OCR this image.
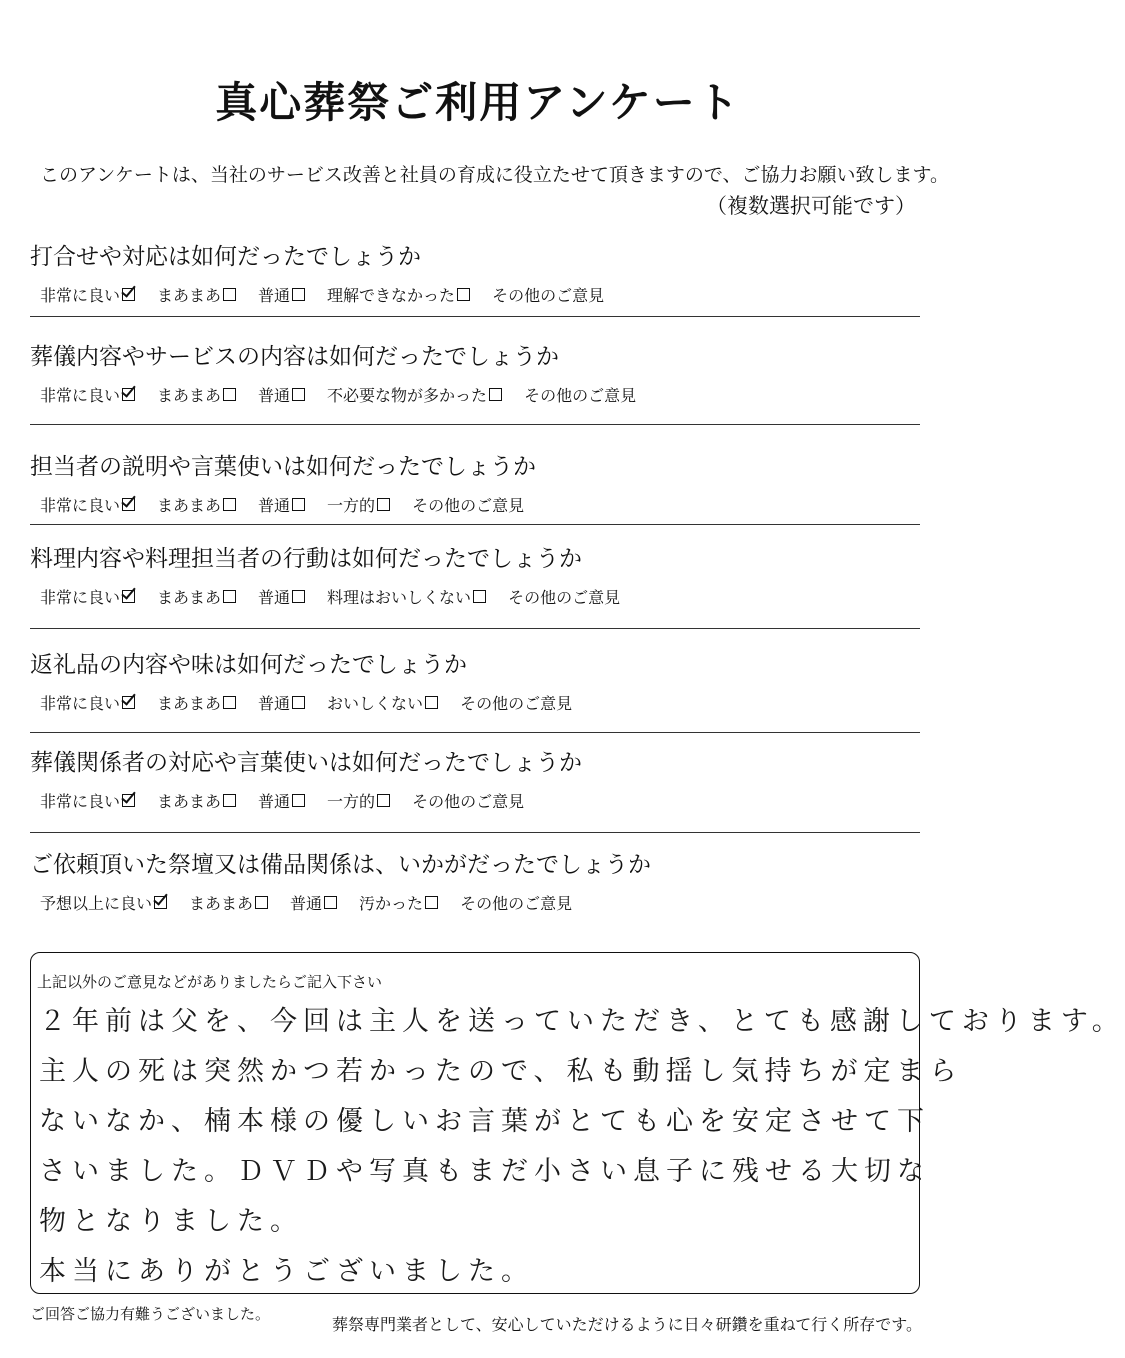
真心葬祭ご利用アンケート
このアンケートは、当社のサービス改善と社員の育成に役立たせて頂きますので、ご協力お願い致します。
（複数選択可能です）
打合せや対応は如何だったでしょうか
非常に良い まあまあ 普通 理解できなかった その他のご意見
葬儀内容やサービスの内容は如何だったでしょうか
非常に良い まあまあ 普通 不必要な物が多かった その他のご意見
担当者の説明や言葉使いは如何だったでしょうか
非常に良い まあまあ 普通 一方的 その他のご意見
料理内容や料理担当者の行動は如何だったでしょうか
非常に良い まあまあ 普通 料理はおいしくない その他のご意見
返礼品の内容や味は如何だったでしょうか
非常に良い まあまあ 普通 おいしくない その他のご意見
葬儀関係者の対応や言葉使いは如何だったでしょうか
非常に良い まあまあ 普通 一方的 その他のご意見
ご依頼頂いた祭壇又は備品関係は、いかがだったでしょうか
予想以上に良い まあまあ 普通 汚かった その他のご意見
上記以外のご意見などがありましたらご記入下さい
２年前は父を、今回は主人を送っていただき、とても感謝しております。
主人の死は突然かつ若かったので、私も動揺し気持ちが定まら
ないなか、楠本様の優しいお言葉がとても心を安定させて下
さいました。ＤＶＤや写真もまだ小さい息子に残せる大切な
物となりました。
本当にありがとうございました。
ご回答ご協力有難うございました。
葬祭専門業者として、安心していただけるように日々研鑽を重ねて行く所存です。
